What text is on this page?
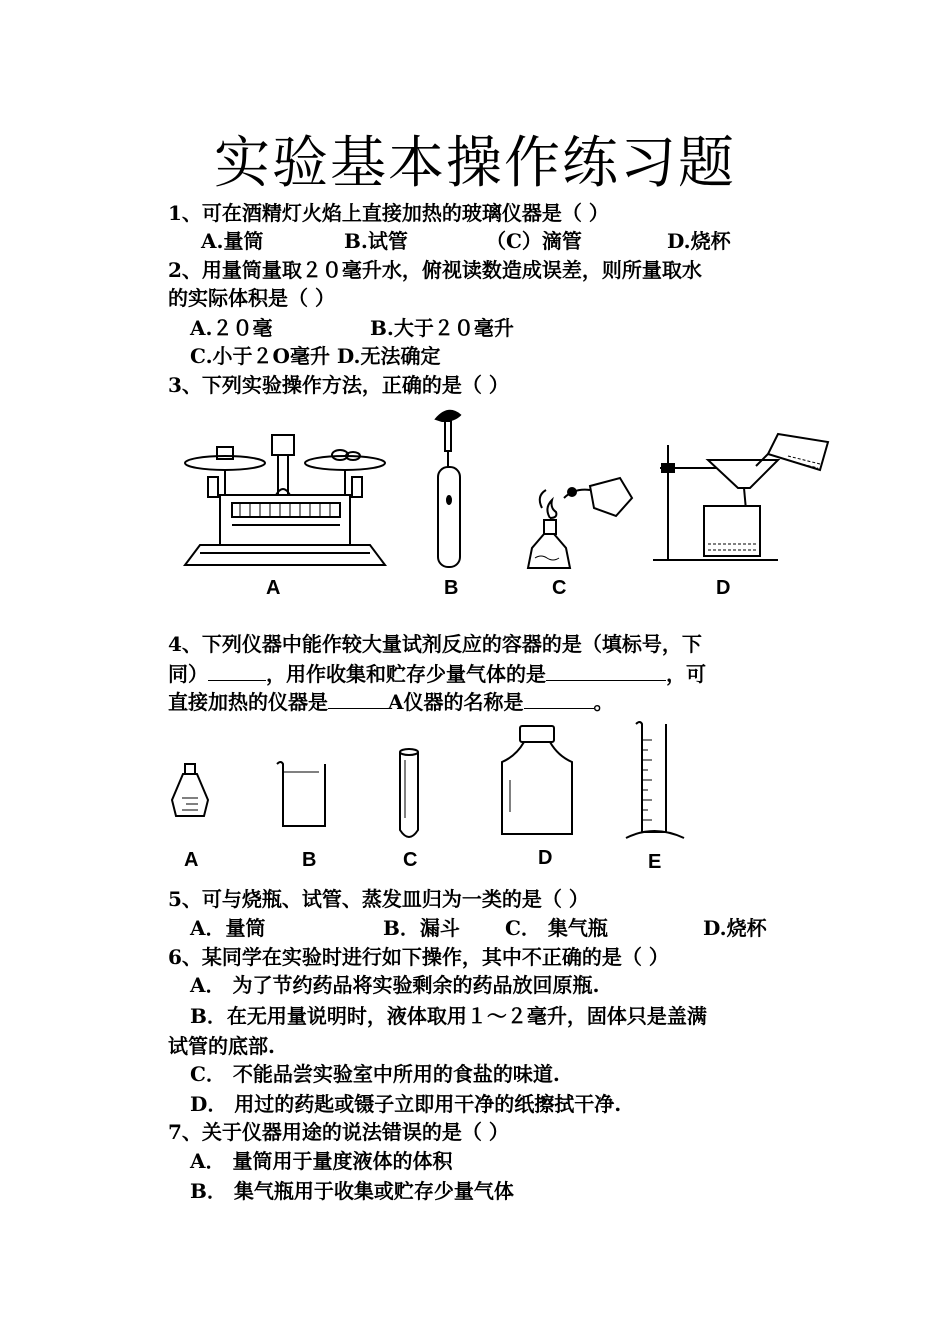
实验基本操作练习题
1、可在酒精灯火焰上直接加热的玻璃仪器是（ ）
A.量筒	B.试管	（C）滴管	D.烧杯
2、用量筒量取２０毫升水，俯视读数造成误差，则所量取水
的实际体积是（ ）
A.２０毫	B.大于２０毫升
C.小于２O毫升 D.无法确定
3、下列实验操作方法，正确的是（ ）
A	B	C	D
4、下列仪器中能作较大量试剂反应的容器的是（填标号，下
同）	，用作收集和贮存少量气体的是	，可
直接加热的仪器是	A仪器的名称是	。
A	B	C	D	E
5、可与烧瓶、试管、蒸发皿归为一类的是（ ）
A．量筒	B．漏斗 C． 集气瓶	D.烧杯
6、某同学在实验时进行如下操作，其中不正确的是（ ）
A． 为了节约药品将实验剩余的药品放回原瓶.
B．在无用量说明时，液体取用１～２毫升，固体只是盖满
试管的底部.
C． 不能品尝实验室中所用的食盐的味道.
D． 用过的药匙或镊子立即用干净的纸擦拭干净.
7、关于仪器用途的说法错误的是（ ）
A． 量筒用于量度液体的体积
B． 集气瓶用于收集或贮存少量气体
